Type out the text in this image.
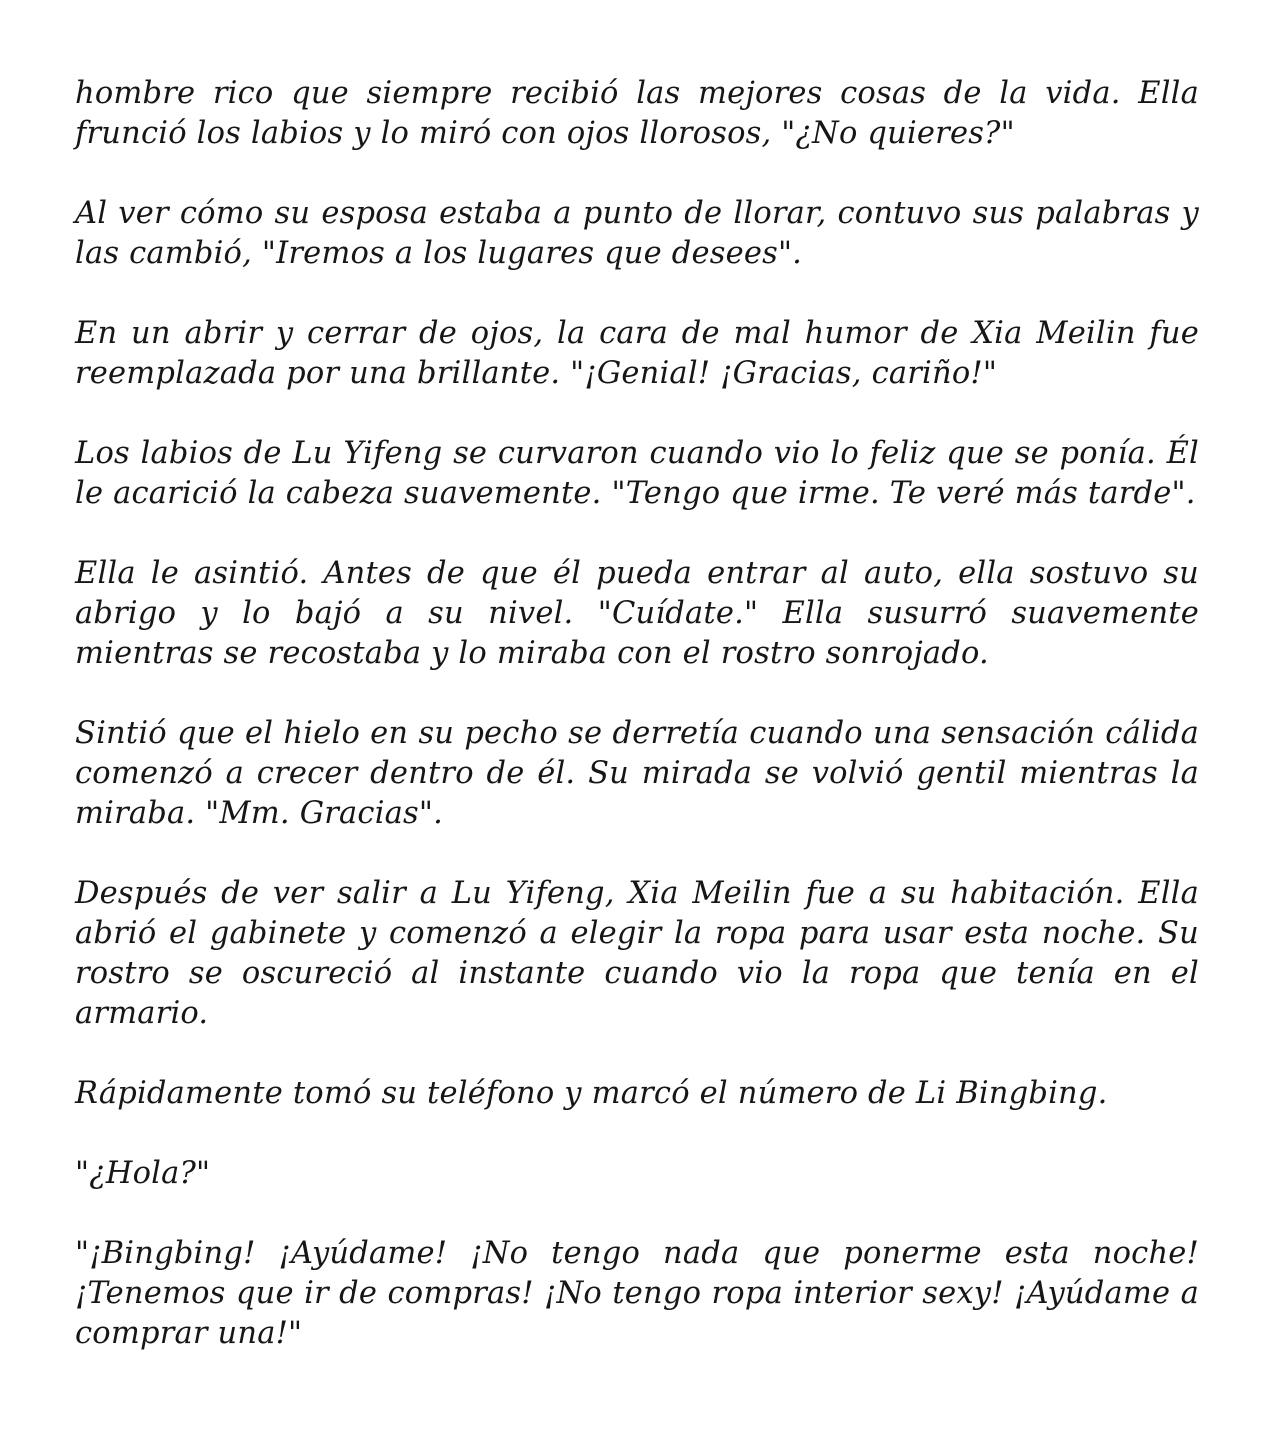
hombre rico que siempre recibió las mejores cosas de la vida. Ella frunció los labios y lo miró con ojos llorosos, "¿No quieres?"

Al ver cómo su esposa estaba a punto de llorar, contuvo sus palabras y las cambió, "Iremos a los lugares que desees".

En un abrir y cerrar de ojos, la cara de mal humor de Xia Meilin fue reemplazada por una brillante. "¡Genial! ¡Gracias, cariño!"

Los labios de Lu Yifeng se curvaron cuando vio lo feliz que se ponía. Él le acarició la cabeza suavemente. "Tengo que irme. Te veré más tarde".

Ella le asintió. Antes de que él pueda entrar al auto, ella sostuvo su abrigo y lo bajó a su nivel. "Cuídate." Ella susurró suavemente mientras se recostaba y lo miraba con el rostro sonrojado.

Sintió que el hielo en su pecho se derretía cuando una sensación cálida comenzó a crecer dentro de él. Su mirada se volvió gentil mientras la miraba. "Mm. Gracias".

Después de ver salir a Lu Yifeng, Xia Meilin fue a su habitación. Ella abrió el gabinete y comenzó a elegir la ropa para usar esta noche. Su rostro se oscureció al instante cuando vio la ropa que tenía en el armario.

Rápidamente tomó su teléfono y marcó el número de Li Bingbing.

"¿Hola?"

"¡Bingbing! ¡Ayúdame! ¡No tengo nada que ponerme esta noche! ¡Tenemos que ir de compras! ¡No tengo ropa interior sexy! ¡Ayúdame a comprar una!"
